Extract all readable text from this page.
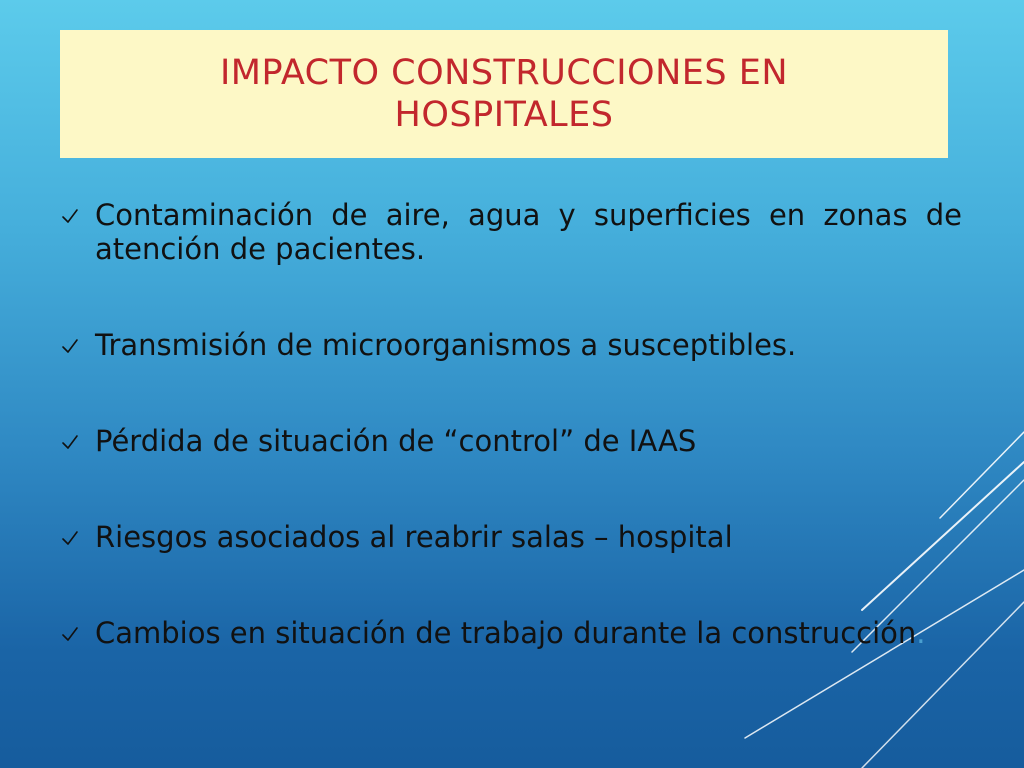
IMPACTO CONSTRUCCIONES EN
HOSPITALES
Contaminación de aire, agua y superficies en zonas de atención de pacientes.
Transmisión de microorganismos a susceptibles.
Pérdida de situación de “control” de IAAS
Riesgos asociados al reabrir salas – hospital
Cambios en situación de trabajo durante la construcción.
